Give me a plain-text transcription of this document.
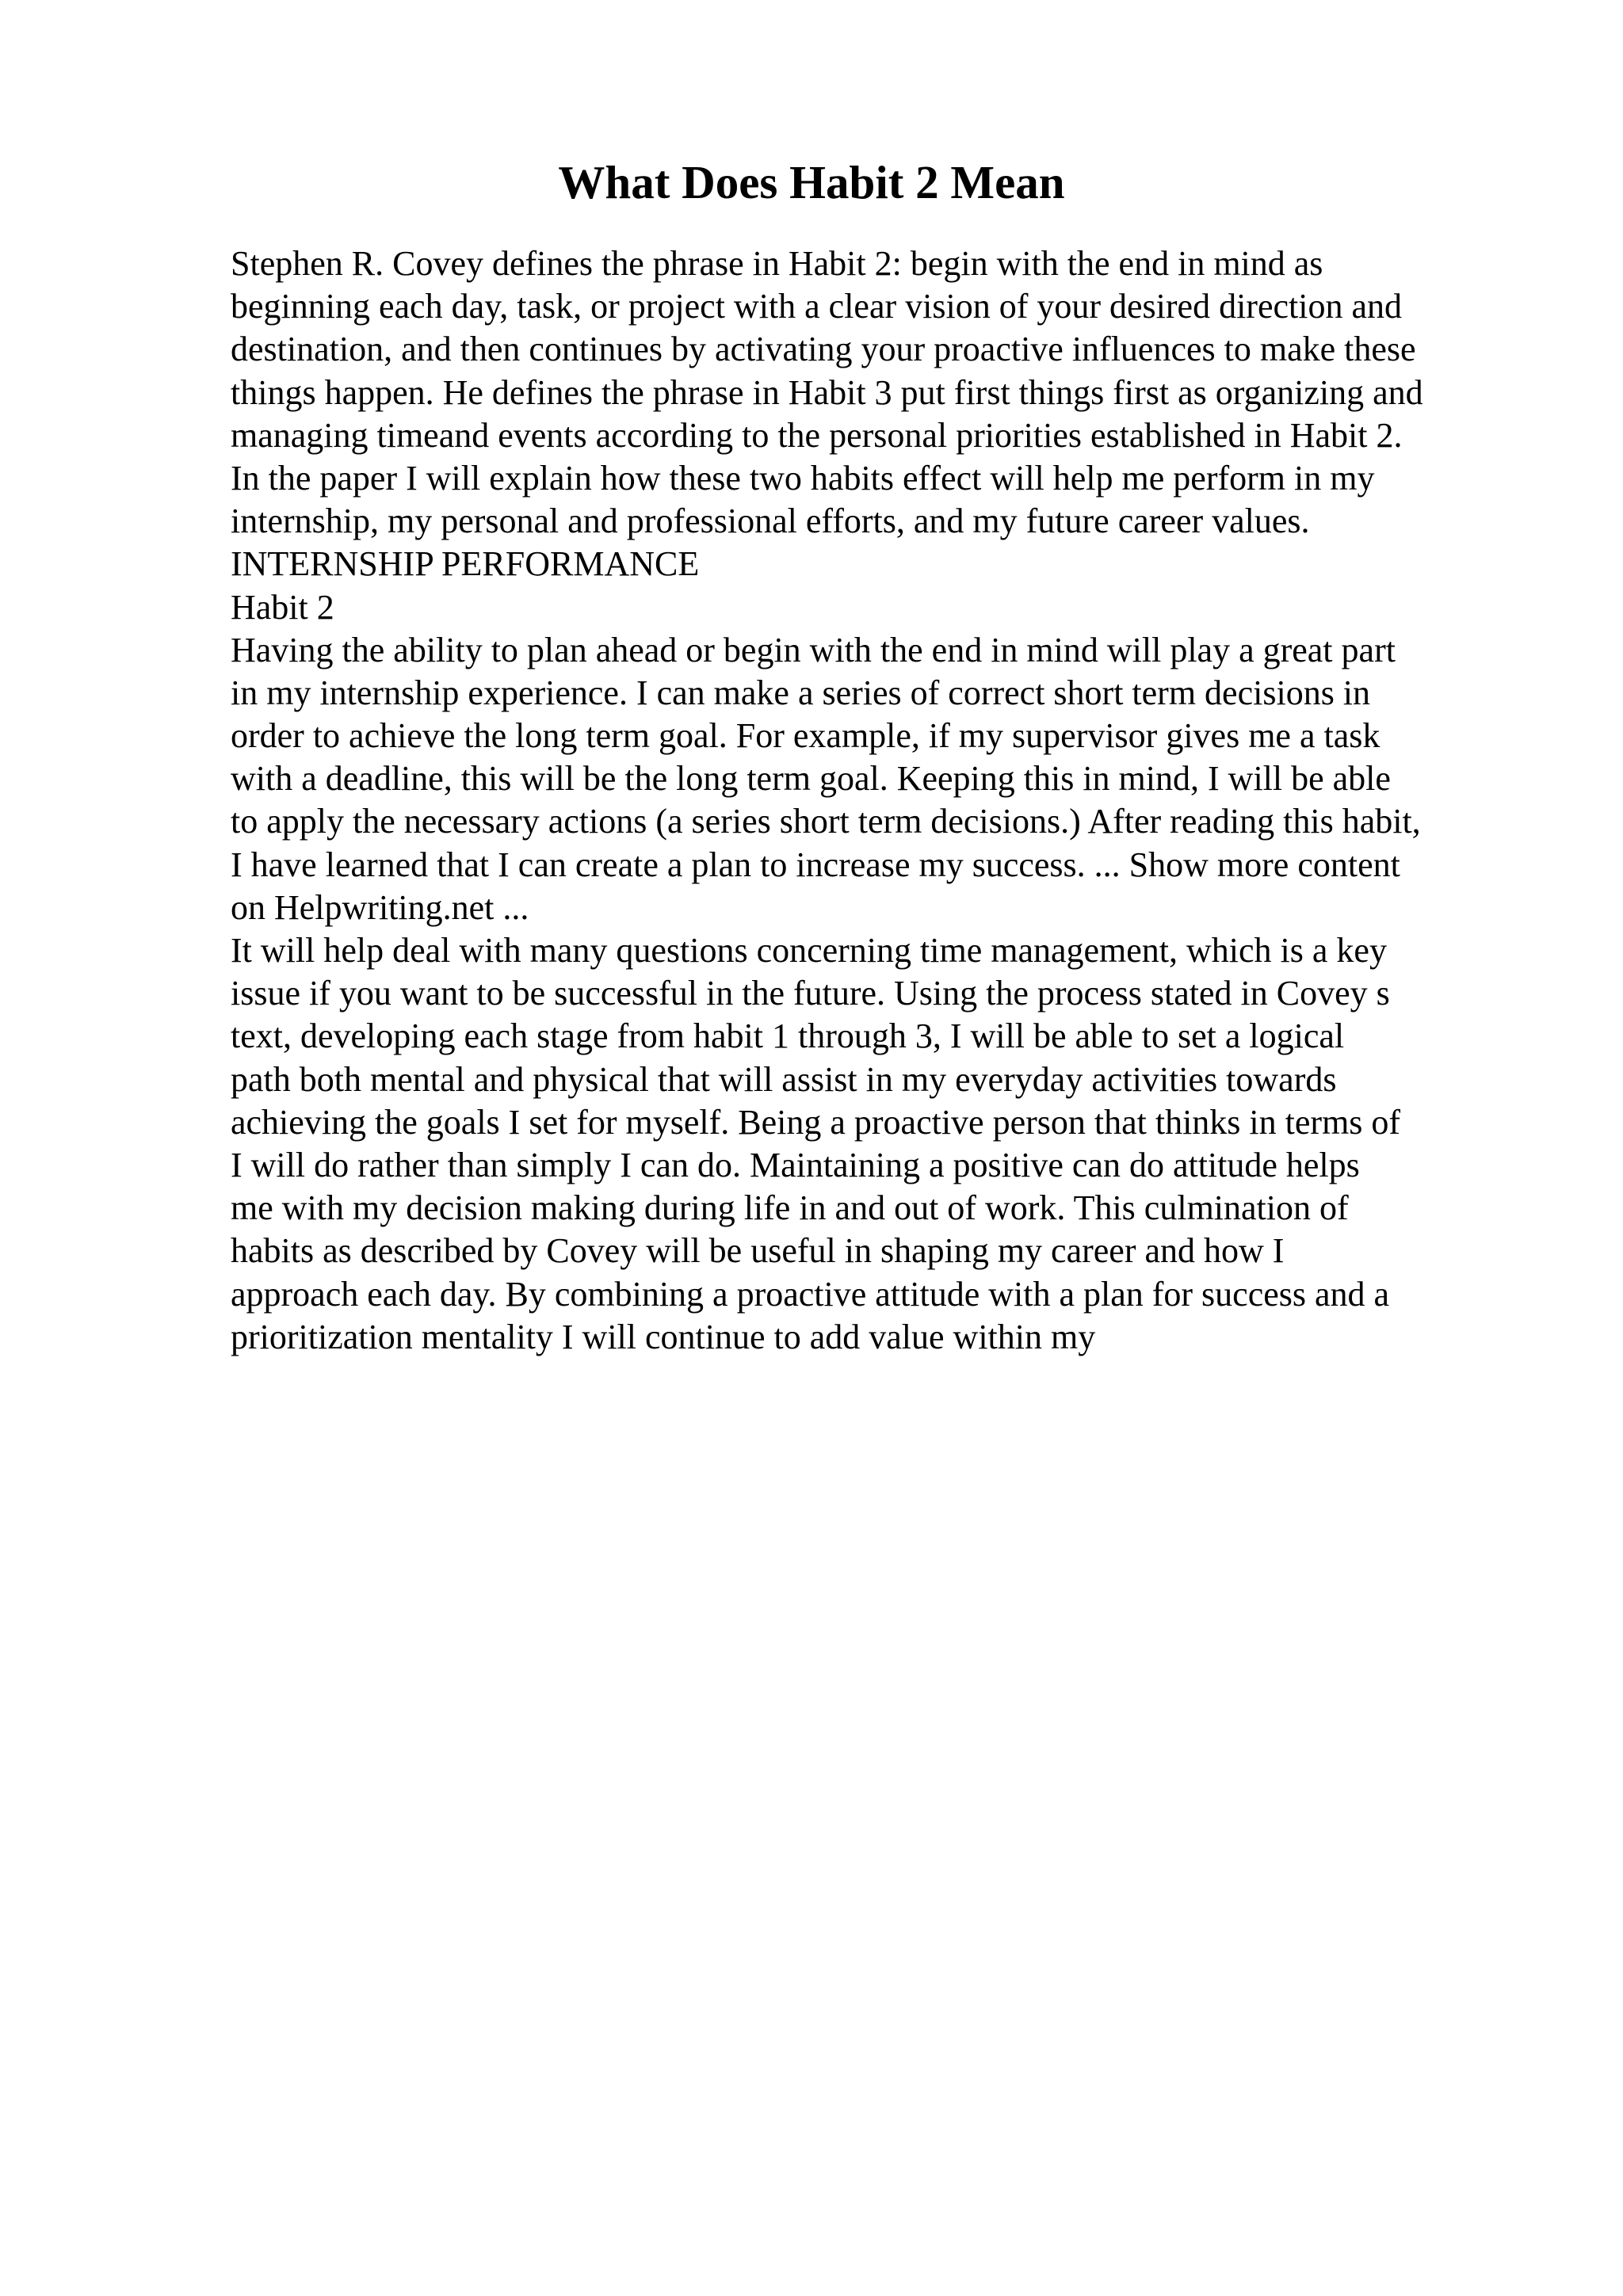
What Does Habit 2 Mean
Stephen R. Covey defines the phrase in Habit 2: begin with the end in mind as
beginning each day, task, or project with a clear vision of your desired direction and
destination, and then continues by activating your proactive influences to make these
things happen. He defines the phrase in Habit 3 put first things first as organizing and
managing timeand events according to the personal priorities established in Habit 2.
In the paper I will explain how these two habits effect will help me perform in my
internship, my personal and professional efforts, and my future career values.
INTERNSHIP PERFORMANCE
Habit 2
Having the ability to plan ahead or begin with the end in mind will play a great part
in my internship experience. I can make a series of correct short term decisions in
order to achieve the long term goal. For example, if my supervisor gives me a task
with a deadline, this will be the long term goal. Keeping this in mind, I will be able
to apply the necessary actions (a series short term decisions.) After reading this habit,
I have learned that I can create a plan to increase my success. ... Show more content
on Helpwriting.net ...
It will help deal with many questions concerning time management, which is a key
issue if you want to be successful in the future. Using the process stated in Covey s
text, developing each stage from habit 1 through 3, I will be able to set a logical
path both mental and physical that will assist in my everyday activities towards
achieving the goals I set for myself. Being a proactive person that thinks in terms of
I will do rather than simply I can do. Maintaining a positive can do attitude helps
me with my decision making during life in and out of work. This culmination of
habits as described by Covey will be useful in shaping my career and how I
approach each day. By combining a proactive attitude with a plan for success and a
prioritization mentality I will continue to add value within my
